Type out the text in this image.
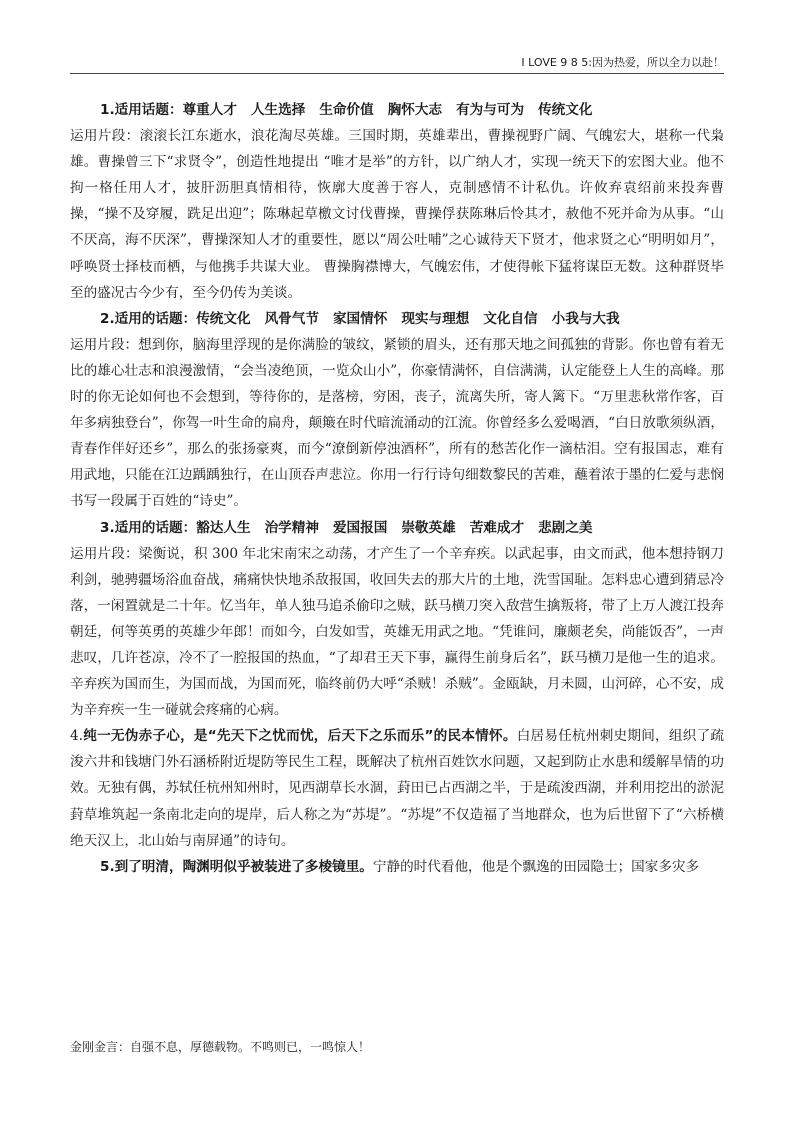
I LOVE 9 8 5:因为热爱，所以全力以赴！

1.适用话题：尊重人才 人生选择 生命价值 胸怀大志 有为与可为 传统文化

运用片段：滚滚长江东逝水，浪花淘尽英雄。三国时期，英雄辈出，曹操视野广阔、气魄宏大，堪称一代枭雄。曹操曾三下“求贤令”，创造性地提出 “唯才是举”的方针，以广纳人才，实现一统天下的宏图大业。他不拘一格任用人才，披肝沥胆真情相待，恢廓大度善于容人，克制感情不计私仇。许攸弃袁绍前来投奔曹操，“操不及穿履，跣足出迎”；陈琳起草檄文讨伐曹操，曹操俘获陈琳后怜其才，赦他不死并命为从事。“山不厌高，海不厌深”，曹操深知人才的重要性，愿以“周公吐哺”之心诚待天下贤才，他求贤之心“明明如月”，呼唤贤士择枝而栖，与他携手共谋大业。 曹操胸襟博大，气魄宏伟，才使得帐下猛将谋臣无数。这种群贤毕至的盛况古今少有，至今仍传为美谈。

2.适用的话题：传统文化 风骨气节 家国情怀 现实与理想 文化自信 小我与大我

运用片段：想到你，脑海里浮现的是你满脸的皱纹，紧锁的眉头，还有那天地之间孤独的背影。你也曾有着无比的雄心壮志和浪漫激情，“会当凌绝顶，一览众山小”，你豪情满怀，自信满满，认定能登上人生的高峰。那时的你无论如何也不会想到，等待你的，是落榜，穷困，丧子，流离失所，寄人篱下。“万里悲秋常作客，百年多病独登台”，你驾一叶生命的扁舟，颠簸在时代暗流涌动的江流。你曾经多么爱喝酒，“白日放歌须纵酒，青春作伴好还乡”，那么的张扬豪爽，而今“潦倒新停浊酒杯”，所有的愁苦化作一滴枯泪。空有报国志，难有用武地，只能在江边踽踽独行，在山顶吞声悲泣。你用一行行诗句细数黎民的苦难，蘸着浓于墨的仁爱与悲悯书写一段属于百姓的“诗史”。

3.适用的话题：豁达人生 治学精神 爱国报国 崇敬英雄 苦难成才 悲剧之美

运用片段：梁衡说，积 300 年北宋南宋之动荡，才产生了一个辛弃疾。以武起事，由文而武，他本想持钢刀利剑，驰骋疆场浴血奋战，痛痛快快地杀敌报国，收回失去的那大片的土地，洗雪国耻。怎料忠心遭到猜忌冷落，一闲置就是二十年。忆当年，单人独马追杀偷印之贼，跃马横刀突入敌营生擒叛将，带了上万人渡江投奔朝廷，何等英勇的英雄少年郎！而如今，白发如雪，英雄无用武之地。“凭谁问，廉颇老矣，尚能饭否”，一声悲叹，几许苍凉，冷不了一腔报国的热血，“了却君王天下事，赢得生前身后名”，跃马横刀是他一生的追求。辛弃疾为国而生，为国而战，为国而死，临终前仍大呼“杀贼！杀贼”。金瓯缺，月未圆，山河碎，心不安，成为辛弃疾一生一碰就会疼痛的心病。

4.纯一无伪赤子心，是“先天下之忧而忧，后天下之乐而乐”的民本情怀。白居易任杭州刺史期间，组织了疏浚六井和钱塘门外石涵桥附近堤防等民生工程，既解决了杭州百姓饮水问题，又起到防止水患和缓解旱情的功效。无独有偶，苏轼任杭州知州时，见西湖草长水涸，葑田已占西湖之半，于是疏浚西湖，并利用挖出的淤泥葑草堆筑起一条南北走向的堤岸，后人称之为“苏堤”。“苏堤”不仅造福了当地群众，也为后世留下了“六桥横绝天汉上，北山始与南屏通”的诗句。

5.到了明清，陶渊明似乎被装进了多棱镜里。宁静的时代看他，他是个飘逸的田园隐士；国家多灾多

金刚金言：自强不息，厚德载物。不鸣则已，一鸣惊人！
